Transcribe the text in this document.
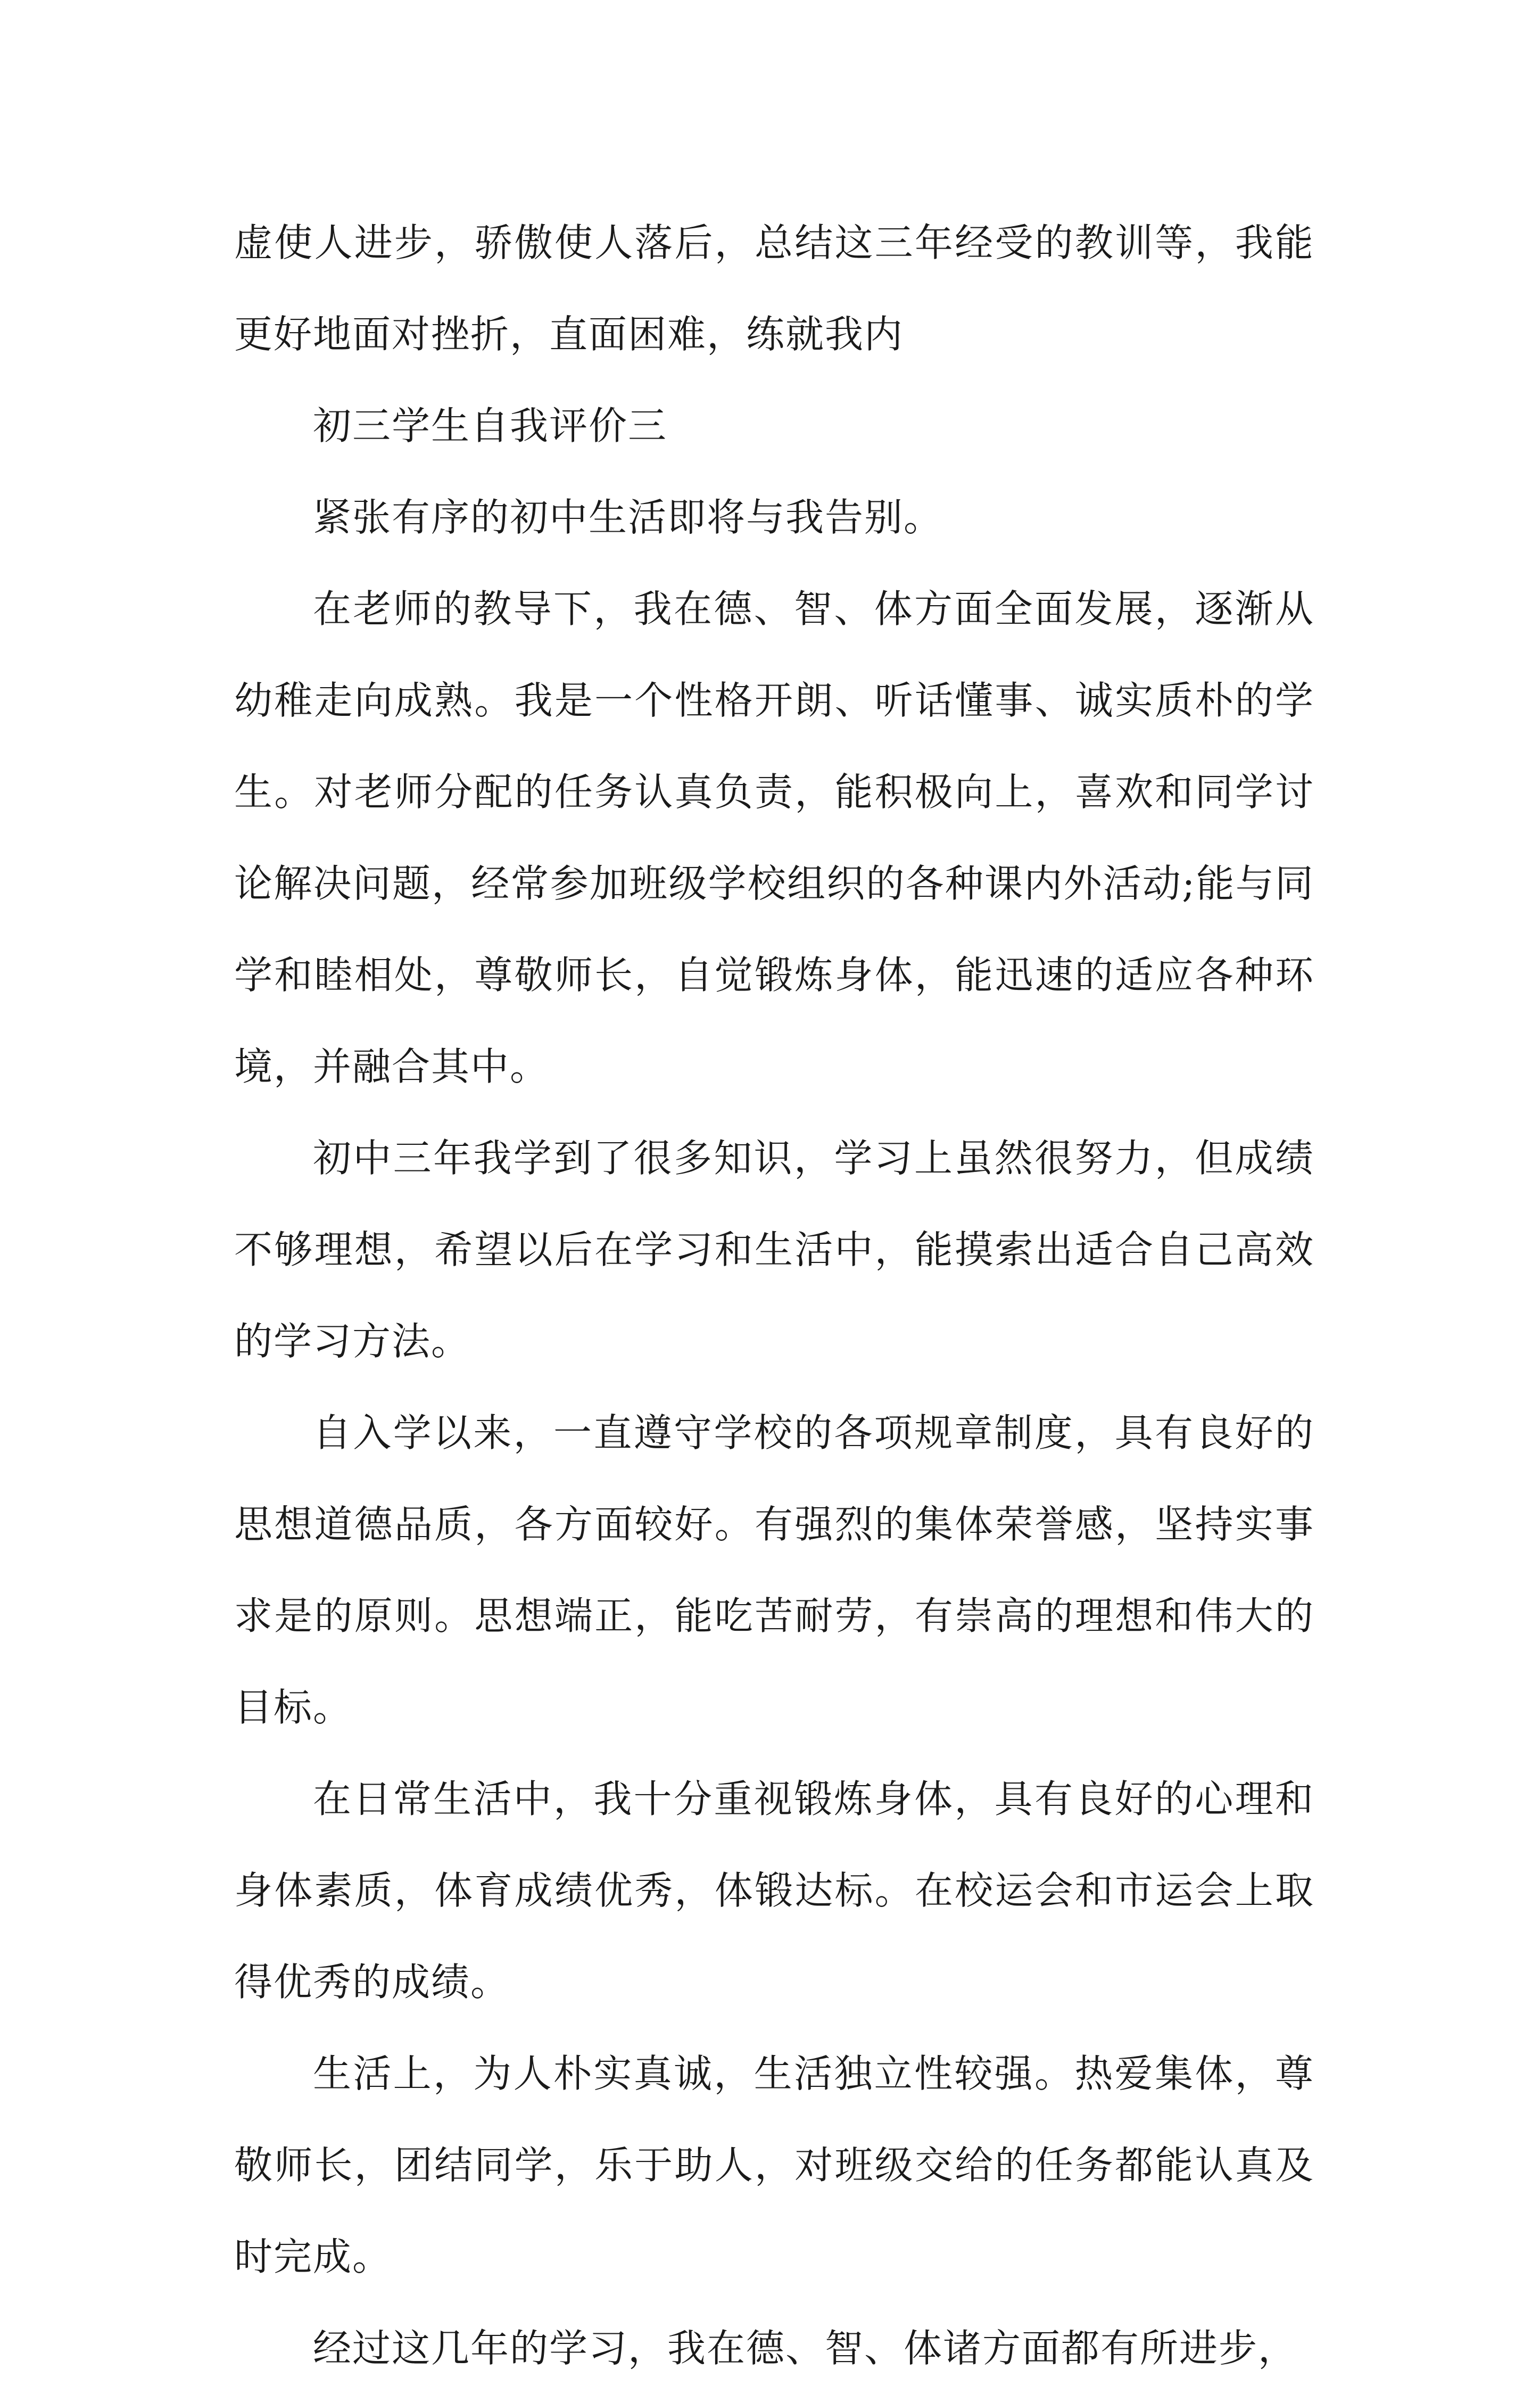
虚使人进步，骄傲使人落后，总结这三年经受的教训等，我能更好地面对挫折，直面困难，练就我内

初三学生自我评价三

紧张有序的初中生活即将与我告别。

在老师的教导下，我在德、智、体方面全面发展，逐渐从幼稚走向成熟。我是一个性格开朗、听话懂事、诚实质朴的学生。对老师分配的任务认真负责，能积极向上，喜欢和同学讨论解决问题，经常参加班级学校组织的各种课内外活动;能与同学和睦相处，尊敬师长，自觉锻炼身体，能迅速的适应各种环境，并融合其中。

初中三年我学到了很多知识，学习上虽然很努力，但成绩不够理想，希望以后在学习和生活中，能摸索出适合自己高效的学习方法。

自入学以来，一直遵守学校的各项规章制度，具有良好的思想道德品质，各方面较好。有强烈的集体荣誉感，坚持实事求是的原则。思想端正，能吃苦耐劳，有崇高的理想和伟大的目标。

在日常生活中，我十分重视锻炼身体，具有良好的心理和身体素质，体育成绩优秀，体锻达标。在校运会和市运会上取得优秀的成绩。

生活上，为人朴实真诚，生活独立性较强。热爱集体，尊敬师长，团结同学，乐于助人，对班级交给的任务都能认真及时完成。

经过这几年的学习，我在德、智、体诸方面都有所进步，
